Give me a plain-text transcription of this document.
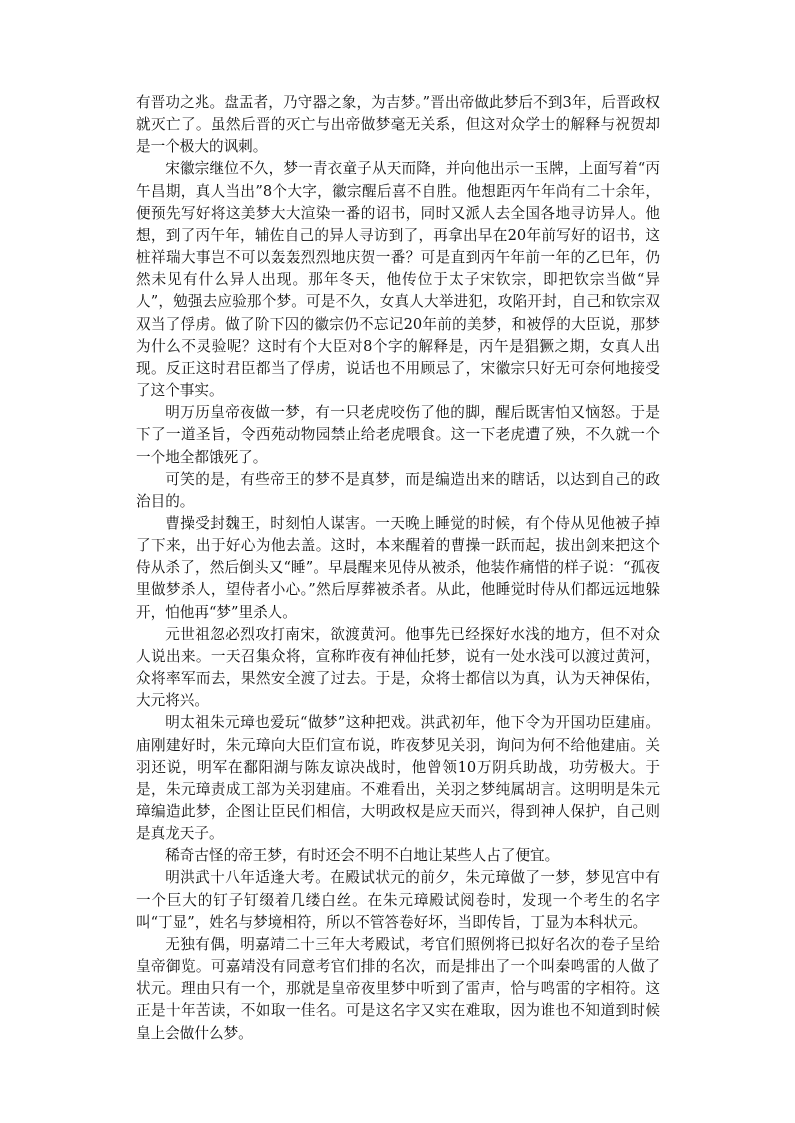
有晋功之兆。盘盂者，乃守器之象，为吉梦。”晋出帝做此梦后不到3年，后晋政权就灭亡了。虽然后晋的灭亡与出帝做梦毫无关系，但这对众学士的解释与祝贺却是一个极大的讽刺。

宋徽宗继位不久，梦一青衣童子从天而降，并向他出示一玉牌，上面写着“丙午昌期，真人当出”8个大字，徽宗醒后喜不自胜。他想距丙午年尚有二十余年，便预先写好将这美梦大大渲染一番的诏书，同时又派人去全国各地寻访异人。他想，到了丙午年，辅佐自己的异人寻访到了，再拿出早在20年前写好的诏书，这桩祥瑞大事岂不可以轰轰烈烈地庆贺一番？可是直到丙午年前一年的乙巳年，仍然未见有什么异人出现。那年冬天，他传位于太子宋钦宗，即把钦宗当做“异人”，勉强去应验那个梦。可是不久，女真人大举进犯，攻陷开封，自己和钦宗双双当了俘虏。做了阶下囚的徽宗仍不忘记20年前的美梦，和被俘的大臣说，那梦为什么不灵验呢？这时有个大臣对8个字的解释是，丙午是猖獗之期，女真人出现。反正这时君臣都当了俘虏，说话也不用顾忌了，宋徽宗只好无可奈何地接受了这个事实。

明万历皇帝夜做一梦，有一只老虎咬伤了他的脚，醒后既害怕又恼怒。于是下了一道圣旨，令西苑动物园禁止给老虎喂食。这一下老虎遭了殃，不久就一个一个地全都饿死了。

可笑的是，有些帝王的梦不是真梦，而是编造出来的瞎话，以达到自己的政治目的。

曹操受封魏王，时刻怕人谋害。一天晚上睡觉的时候，有个侍从见他被子掉了下来，出于好心为他去盖。这时，本来醒着的曹操一跃而起，拔出剑来把这个侍从杀了，然后倒头又“睡”。早晨醒来见侍从被杀，他装作痛惜的样子说：“孤夜里做梦杀人，望侍者小心。”然后厚葬被杀者。从此，他睡觉时侍从们都远远地躲开，怕他再“梦”里杀人。

元世祖忽必烈攻打南宋，欲渡黄河。他事先已经探好水浅的地方，但不对众人说出来。一天召集众将，宣称昨夜有神仙托梦，说有一处水浅可以渡过黄河，众将率军而去，果然安全渡了过去。于是，众将士都信以为真，认为天神保佑，大元将兴。

明太祖朱元璋也爱玩“做梦”这种把戏。洪武初年，他下令为开国功臣建庙。庙刚建好时，朱元璋向大臣们宣布说，昨夜梦见关羽，询问为何不给他建庙。关羽还说，明军在鄱阳湖与陈友谅决战时，他曾领10万阴兵助战，功劳极大。于是，朱元璋责成工部为关羽建庙。不难看出，关羽之梦纯属胡言。这明明是朱元璋编造此梦，企图让臣民们相信，大明政权是应天而兴，得到神人保护，自己则是真龙天子。

稀奇古怪的帝王梦，有时还会不明不白地让某些人占了便宜。

明洪武十八年适逢大考。在殿试状元的前夕，朱元璋做了一梦，梦见宫中有一个巨大的钉子钉缀着几缕白丝。在朱元璋殿试阅卷时，发现一个考生的名字叫“丁显”，姓名与梦境相符，所以不管答卷好坏，当即传旨，丁显为本科状元。

无独有偶，明嘉靖二十三年大考殿试，考官们照例将已拟好名次的卷子呈给皇帝御览。可嘉靖没有同意考官们排的名次，而是排出了一个叫秦鸣雷的人做了状元。理由只有一个，那就是皇帝夜里梦中听到了雷声，恰与鸣雷的字相符。这正是十年苦读，不如取一佳名。可是这名字又实在难取，因为谁也不知道到时候皇上会做什么梦。
